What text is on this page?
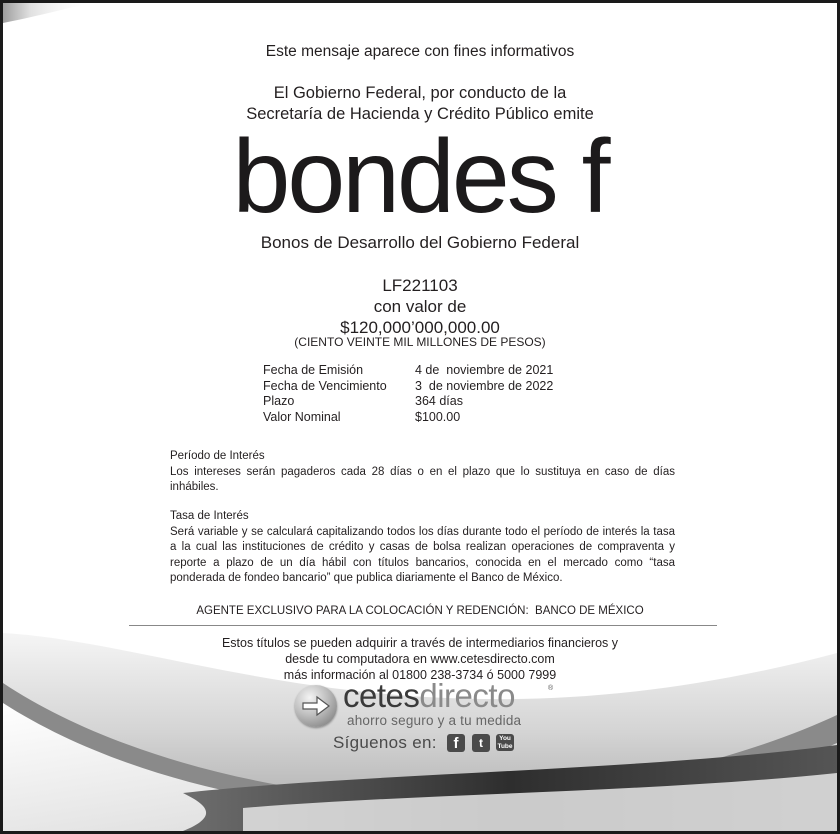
Este mensaje aparece con fines informativos
El Gobierno Federal, por conducto de la
Secretaría de Hacienda y Crédito Público emite
bondes f
Bonos de Desarrollo del Gobierno Federal
LF221103
con valor de
$120,000’000,000.00
(CIENTO VEINTE MIL MILLONES DE PESOS)
Fecha de Emisión	4 de  noviembre de 2021
Fecha de Vencimiento	3  de noviembre de 2022
Plazo	364 días
Valor Nominal	$100.00
Período de Interés

Los intereses serán pagaderos cada 28 días o en el plazo que lo sustituya en caso de días inhábiles.

Tasa de Interés

Será variable y se calculará capitalizando todos los días durante todo el período de interés la tasa a la cual las instituciones de crédito y casas de bolsa realizan operaciones de compraventa y reporte a plazo de un día hábil con títulos bancarios, conocida en el mercado como “tasa ponderada de fondeo bancario” que publica diariamente el Banco de México.

AGENTE EXCLUSIVO PARA LA COLOCACIÓN Y REDENCIÓN:  BANCO DE MÉXICO
Estos títulos se pueden adquirir a través de intermediarios financieros y
desde tu computadora en www.cetesdirecto.com
más información al 01800 238-3734 ó 5000 7999
cetesdirecto	®
ahorro seguro y a tu medida
Síguenos en:	f	t	You
Tube
